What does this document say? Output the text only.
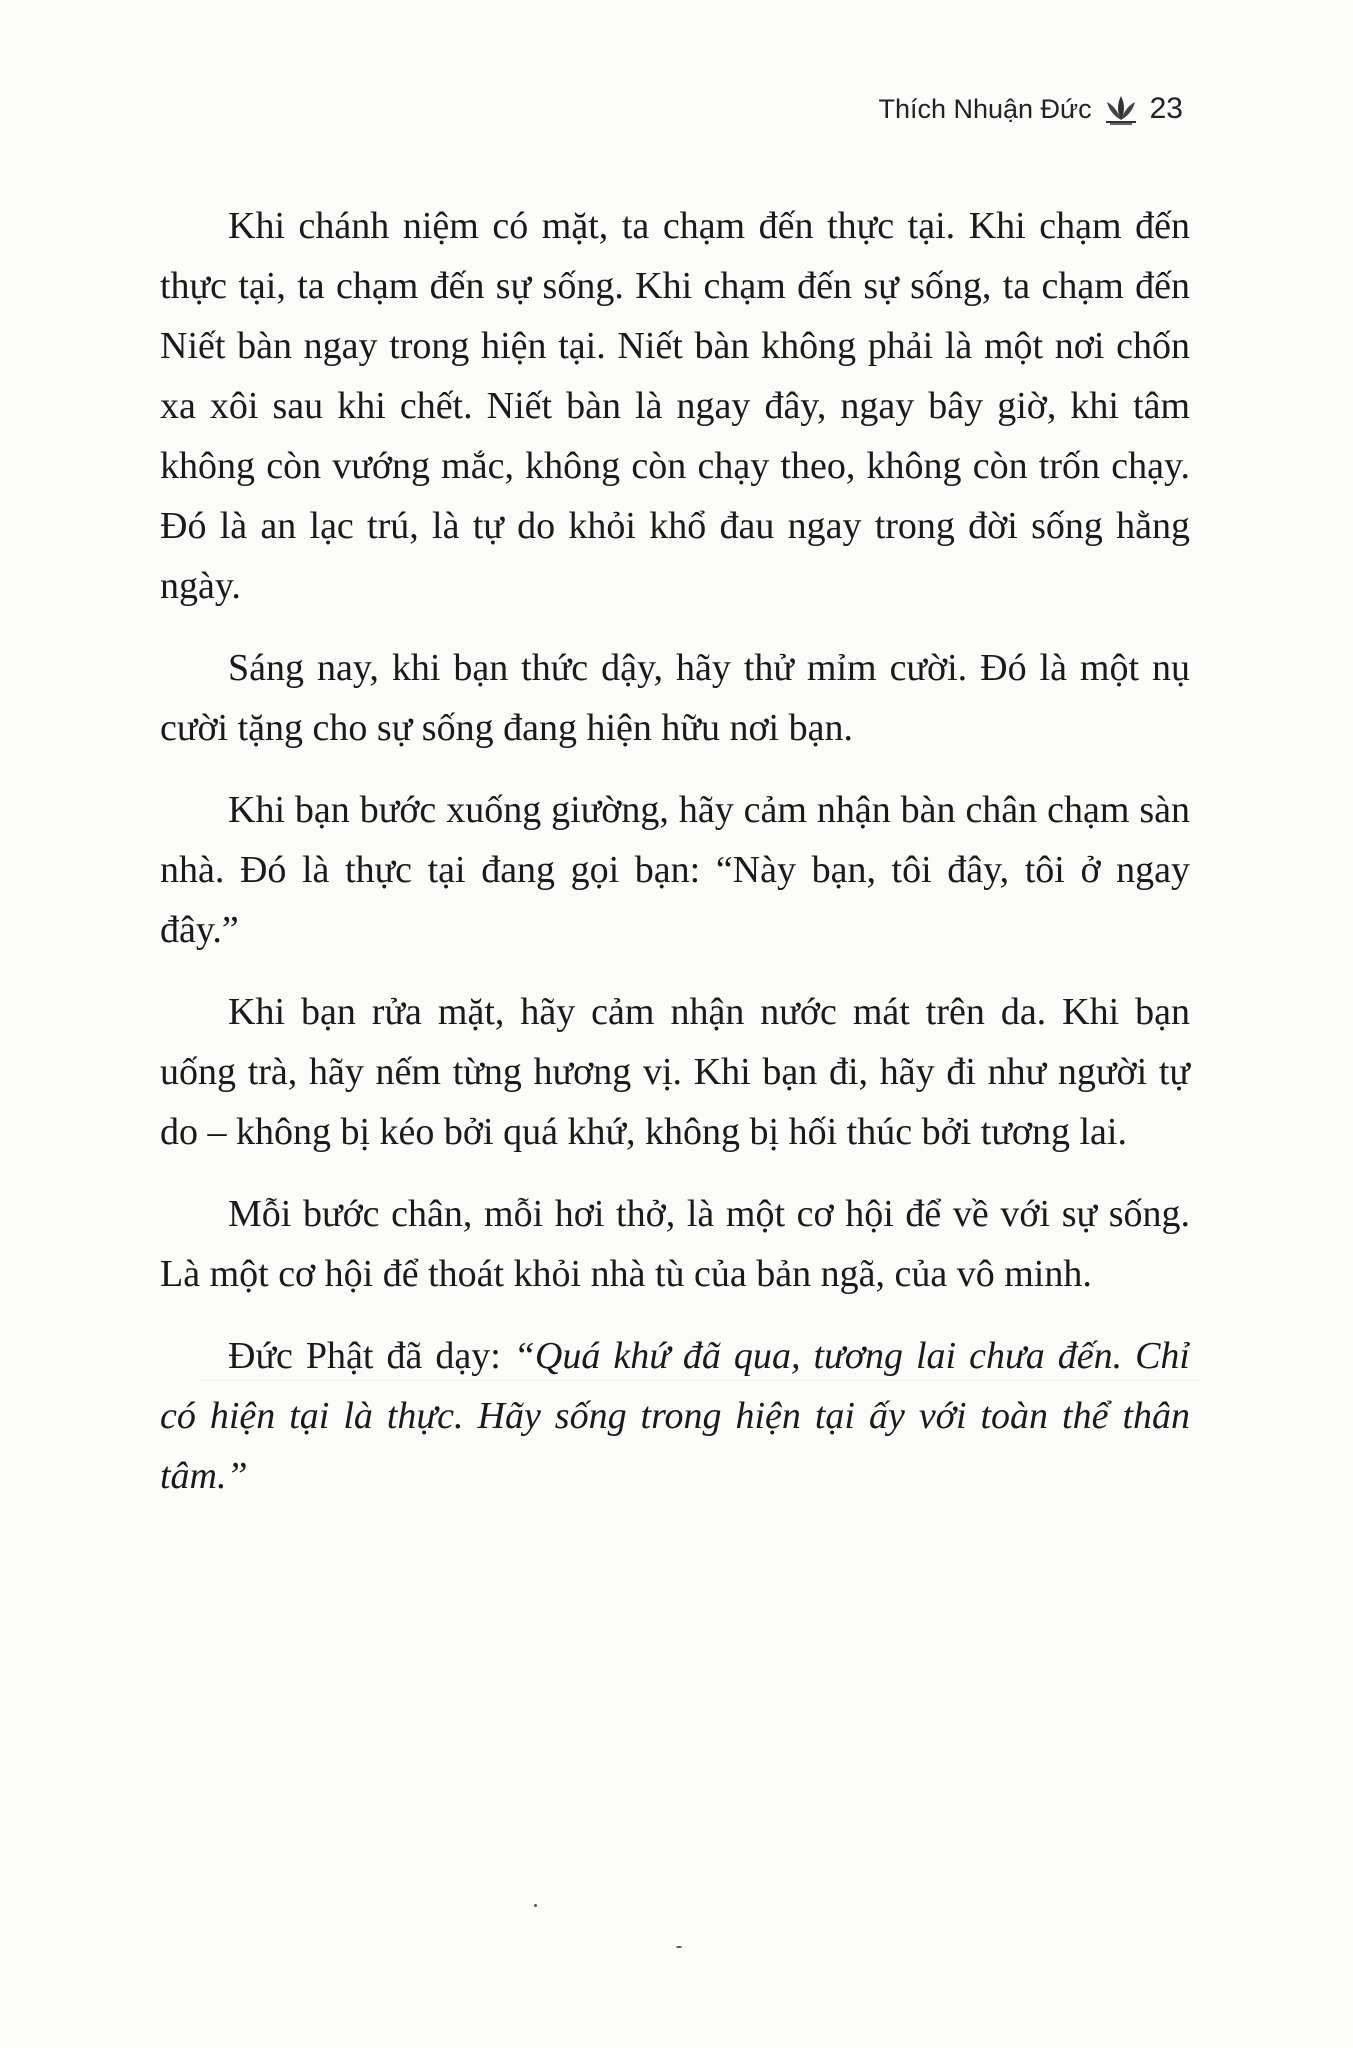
Thích Nhuận Đức 23

Khi chánh niệm có mặt, ta chạm đến thực tại. Khi chạm đến thực tại, ta chạm đến sự sống. Khi chạm đến sự sống, ta chạm đến Niết bàn ngay trong hiện tại. Niết bàn không phải là một nơi chốn xa xôi sau khi chết. Niết bàn là ngay đây, ngay bây giờ, khi tâm không còn vướng mắc, không còn chạy theo, không còn trốn chạy. Đó là an lạc trú, là tự do khỏi khổ đau ngay trong đời sống hằng ngày.

Sáng nay, khi bạn thức dậy, hãy thử mỉm cười. Đó là một nụ cười tặng cho sự sống đang hiện hữu nơi bạn.

Khi bạn bước xuống giường, hãy cảm nhận bàn chân chạm sàn nhà. Đó là thực tại đang gọi bạn: “Này bạn, tôi đây, tôi ở ngay đây.”

Khi bạn rửa mặt, hãy cảm nhận nước mát trên da. Khi bạn uống trà, hãy nếm từng hương vị. Khi bạn đi, hãy đi như người tự do – không bị kéo bởi quá khứ, không bị hối thúc bởi tương lai.

Mỗi bước chân, mỗi hơi thở, là một cơ hội để về với sự sống. Là một cơ hội để thoát khỏi nhà tù của bản ngã, của vô minh.

Đức Phật đã dạy: “Quá khứ đã qua, tương lai chưa đến. Chỉ có hiện tại là thực. Hãy sống trong hiện tại ấy với toàn thể thân tâm.”
